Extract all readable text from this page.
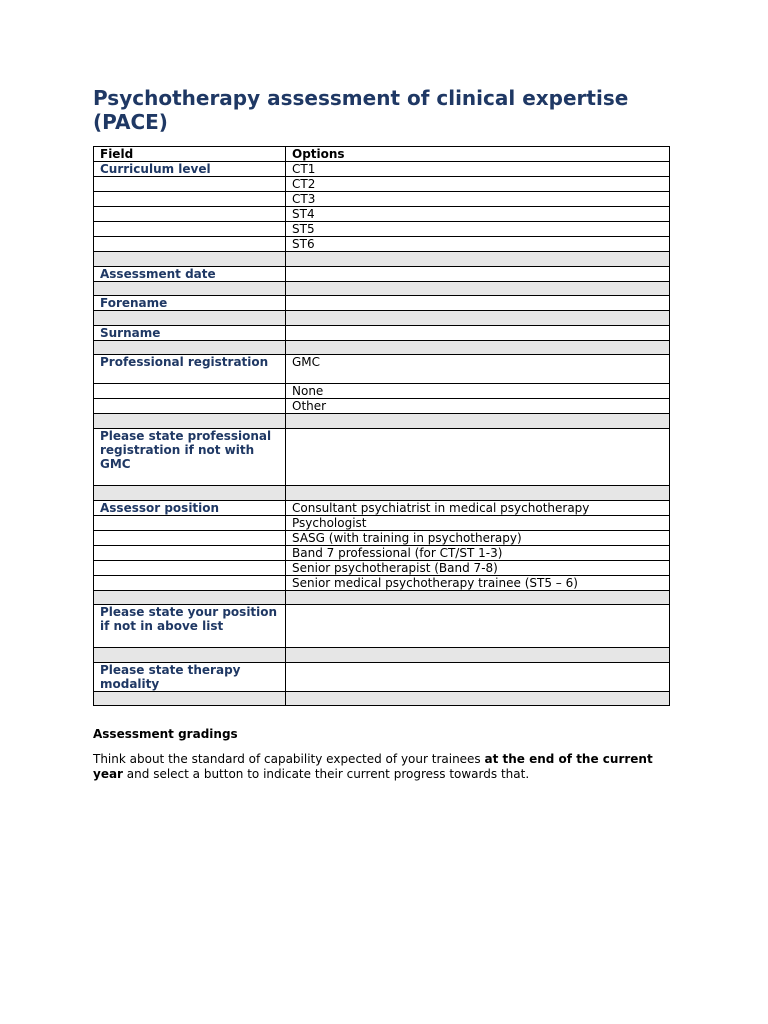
Psychotherapy assessment of clinical expertise (PACE)
Field	Options
Curriculum level	CT1
	CT2
	CT3
	ST4
	ST5
	ST6

Assessment date	

Forename	

Surname	

Professional registration	GMC
	None
	Other

Please state professional registration if not with GMC	

Assessor position	Consultant psychiatrist in medical psychotherapy
	Psychologist
	SASG (with training in psychotherapy)
	Band 7 professional (for CT/ST 1-3)
	Senior psychotherapist (Band 7-8)
	Senior medical psychotherapy trainee (ST5 – 6)

Please state your position if not in above list	

Please state therapy modality	

Assessment gradings

Think about the standard of capability expected of your trainees at the end of the current year and select a button to indicate their current progress towards that.
